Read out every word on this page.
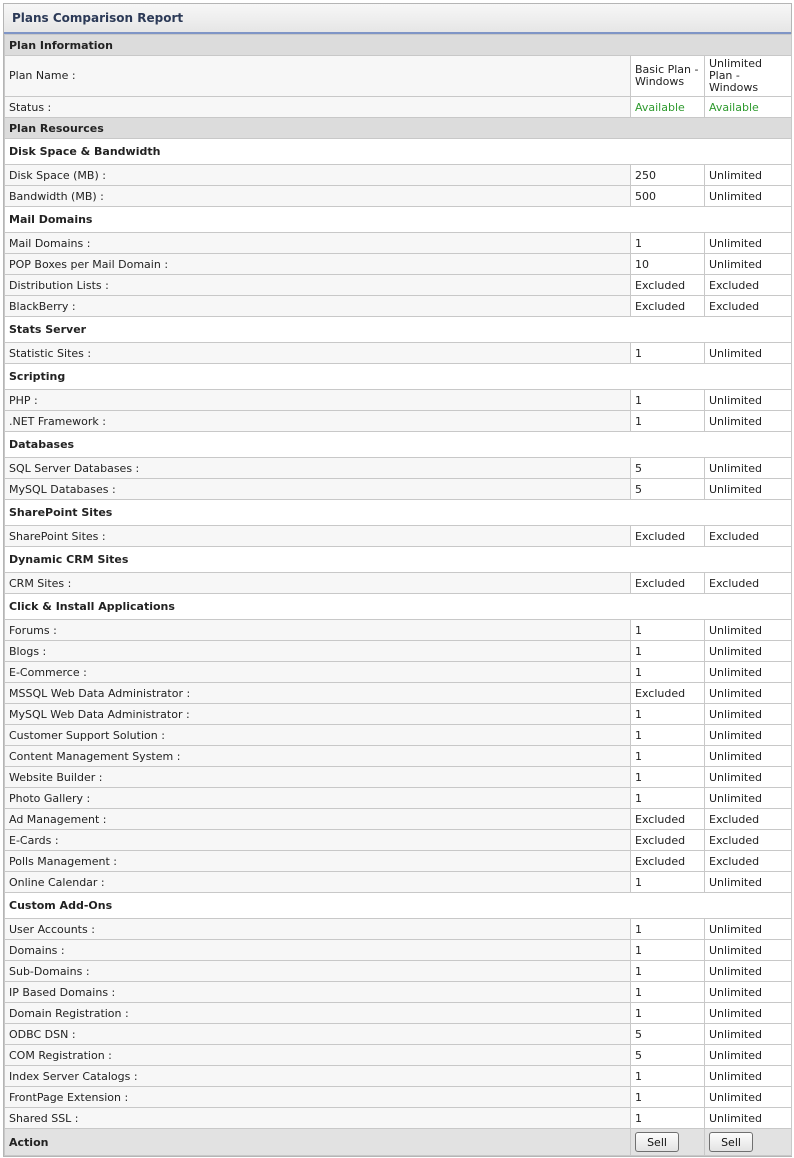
Plans Comparison Report
Plan Information		
Plan Name :	Basic Plan - Windows	Unlimited Plan - Windows
Status :	Available	Available
Plan Resources		
Disk Space & Bandwidth		
Disk Space (MB) :	250	Unlimited
Bandwidth (MB) :	500	Unlimited
Mail Domains		
Mail Domains :	1	Unlimited
POP Boxes per Mail Domain :	10	Unlimited
Distribution Lists :	Excluded	Excluded
BlackBerry :	Excluded	Excluded
Stats Server		
Statistic Sites :	1	Unlimited
Scripting		
PHP :	1	Unlimited
.NET Framework :	1	Unlimited
Databases		
SQL Server Databases :	5	Unlimited
MySQL Databases :	5	Unlimited
SharePoint Sites		
SharePoint Sites :	Excluded	Excluded
Dynamic CRM Sites		
CRM Sites :	Excluded	Excluded
Click & Install Applications		
Forums :	1	Unlimited
Blogs :	1	Unlimited
E-Commerce :	1	Unlimited
MSSQL Web Data Administrator :	Excluded	Unlimited
MySQL Web Data Administrator :	1	Unlimited
Customer Support Solution :	1	Unlimited
Content Management System :	1	Unlimited
Website Builder :	1	Unlimited
Photo Gallery :	1	Unlimited
Ad Management :	Excluded	Excluded
E-Cards :	Excluded	Excluded
Polls Management :	Excluded	Excluded
Online Calendar :	1	Unlimited
Custom Add-Ons		
User Accounts :	1	Unlimited
Domains :	1	Unlimited
Sub-Domains :	1	Unlimited
IP Based Domains :	1	Unlimited
Domain Registration :	1	Unlimited
ODBC DSN :	5	Unlimited
COM Registration :	5	Unlimited
Index Server Catalogs :	1	Unlimited
FrontPage Extension :	1	Unlimited
Shared SSL :	1	Unlimited
Action	Sell	Sell
